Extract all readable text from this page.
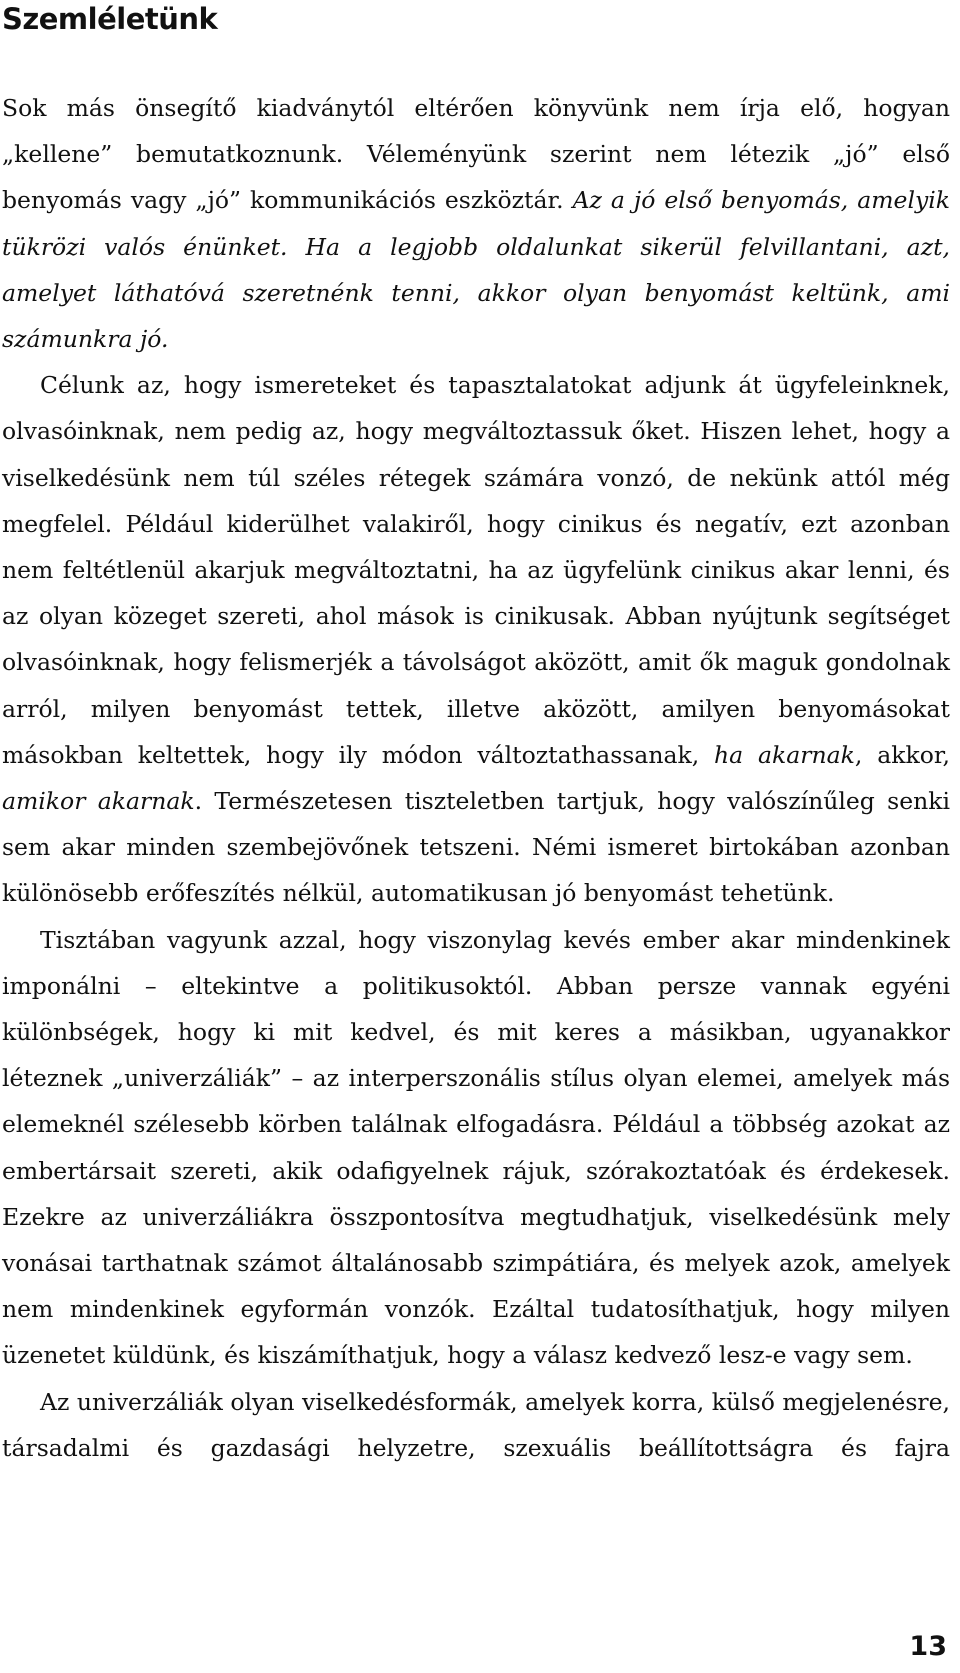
Szemléletünk

Sok más önsegítő kiadványtól eltérően könyvünk nem írja elő, hogyan „kellene” bemutatkoznunk. Véleményünk szerint nem létezik „jó” első benyomás vagy „jó” kommunikációs eszköztár. Az a jó első benyomás, amelyik tükrözi valós énünket. Ha a legjobb oldalunkat sikerül felvillantani, azt, amelyet láthatóvá szeretnénk tenni, akkor olyan benyomást keltünk, ami számunkra jó.

Célunk az, hogy ismereteket és tapasztalatokat adjunk át ügyfeleinknek, olvasóinknak, nem pedig az, hogy megváltoztassuk őket. Hiszen lehet, hogy a viselkedésünk nem túl széles rétegek számára vonzó, de nekünk attól még megfelel. Például kiderülhet valakiről, hogy cinikus és negatív, ezt azonban nem feltétlenül akarjuk megváltoztatni, ha az ügyfelünk cinikus akar lenni, és az olyan közeget szereti, ahol mások is cinikusak. Abban nyújtunk segítséget olvasóinknak, hogy felismerjék a távolságot aközött, amit ők maguk gondolnak arról, milyen benyomást tettek, illetve aközött, amilyen benyomásokat másokban keltettek, hogy ily módon változtathassanak, ha akarnak, akkor, amikor akarnak. Természetesen tiszteletben tartjuk, hogy valószínűleg senki sem akar minden szembejövőnek tetszeni. Némi ismeret birtokában azonban különösebb erőfeszítés nélkül, automatikusan jó benyomást tehetünk.

Tisztában vagyunk azzal, hogy viszonylag kevés ember akar mindenkinek imponálni – eltekintve a politikusoktól. Abban persze vannak egyéni különbségek, hogy ki mit kedvel, és mit keres a másikban, ugyanakkor léteznek „univerzáliák” – az interperszonális stílus olyan elemei, amelyek más elemeknél szélesebb körben találnak elfogadásra. Például a többség azokat az embertársait szereti, akik odafigyelnek rájuk, szórakoztatóak és érdekesek. Ezekre az univerzáliákra összpontosítva megtudhatjuk, viselkedésünk mely vonásai tarthatnak számot általánosabb szimpátiára, és melyek azok, amelyek nem mindenkinek egyformán vonzók. Ezáltal tudatosíthatjuk, hogy milyen üzenetet küldünk, és kiszámíthatjuk, hogy a válasz kedvező lesz-e vagy sem.

Az univerzáliák olyan viselkedésformák, amelyek korra, külső megjelenésre, társadalmi és gazdasági helyzetre, szexuális beállítottságra és fajra

13
